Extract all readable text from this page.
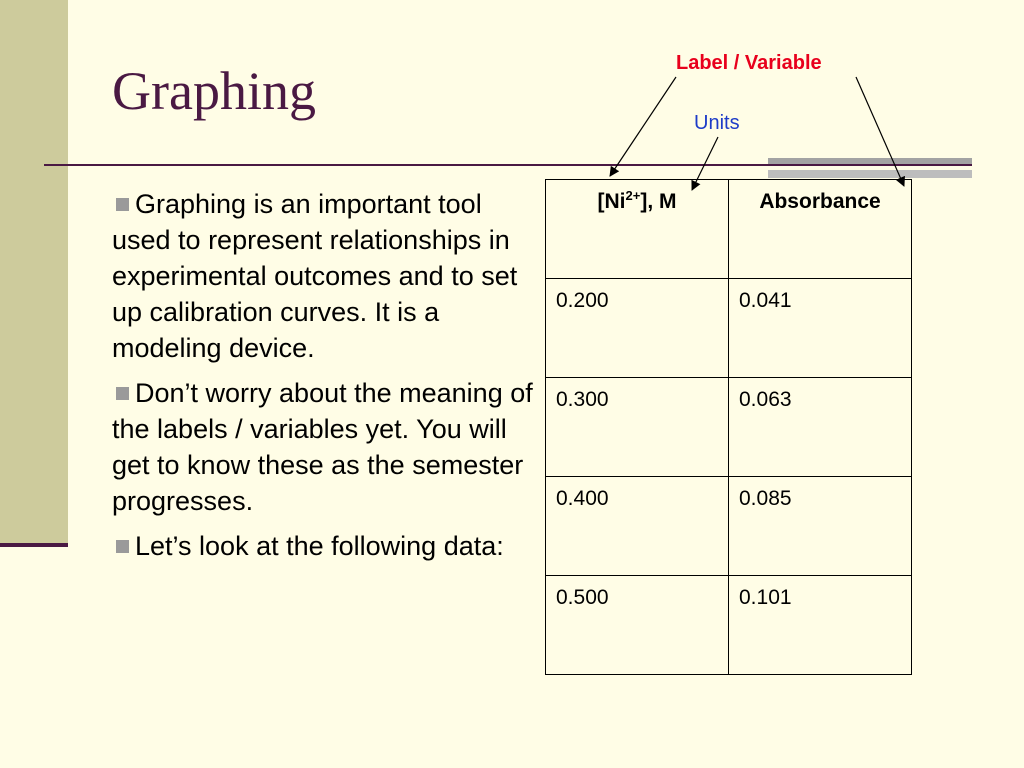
Graphing
Graphing is an important tool used to represent relationships in experimental outcomes and to set up calibration curves. It is a modeling device.
Don’t worry about the meaning of the labels / variables yet. You will get to know these as the semester progresses.
Let’s look at the following data:
$[Ni^{2+}]$, M	Absorbance
0.200	0.041
0.300	0.063
0.400	0.085
0.500	0.101
Label / Variable
Units
